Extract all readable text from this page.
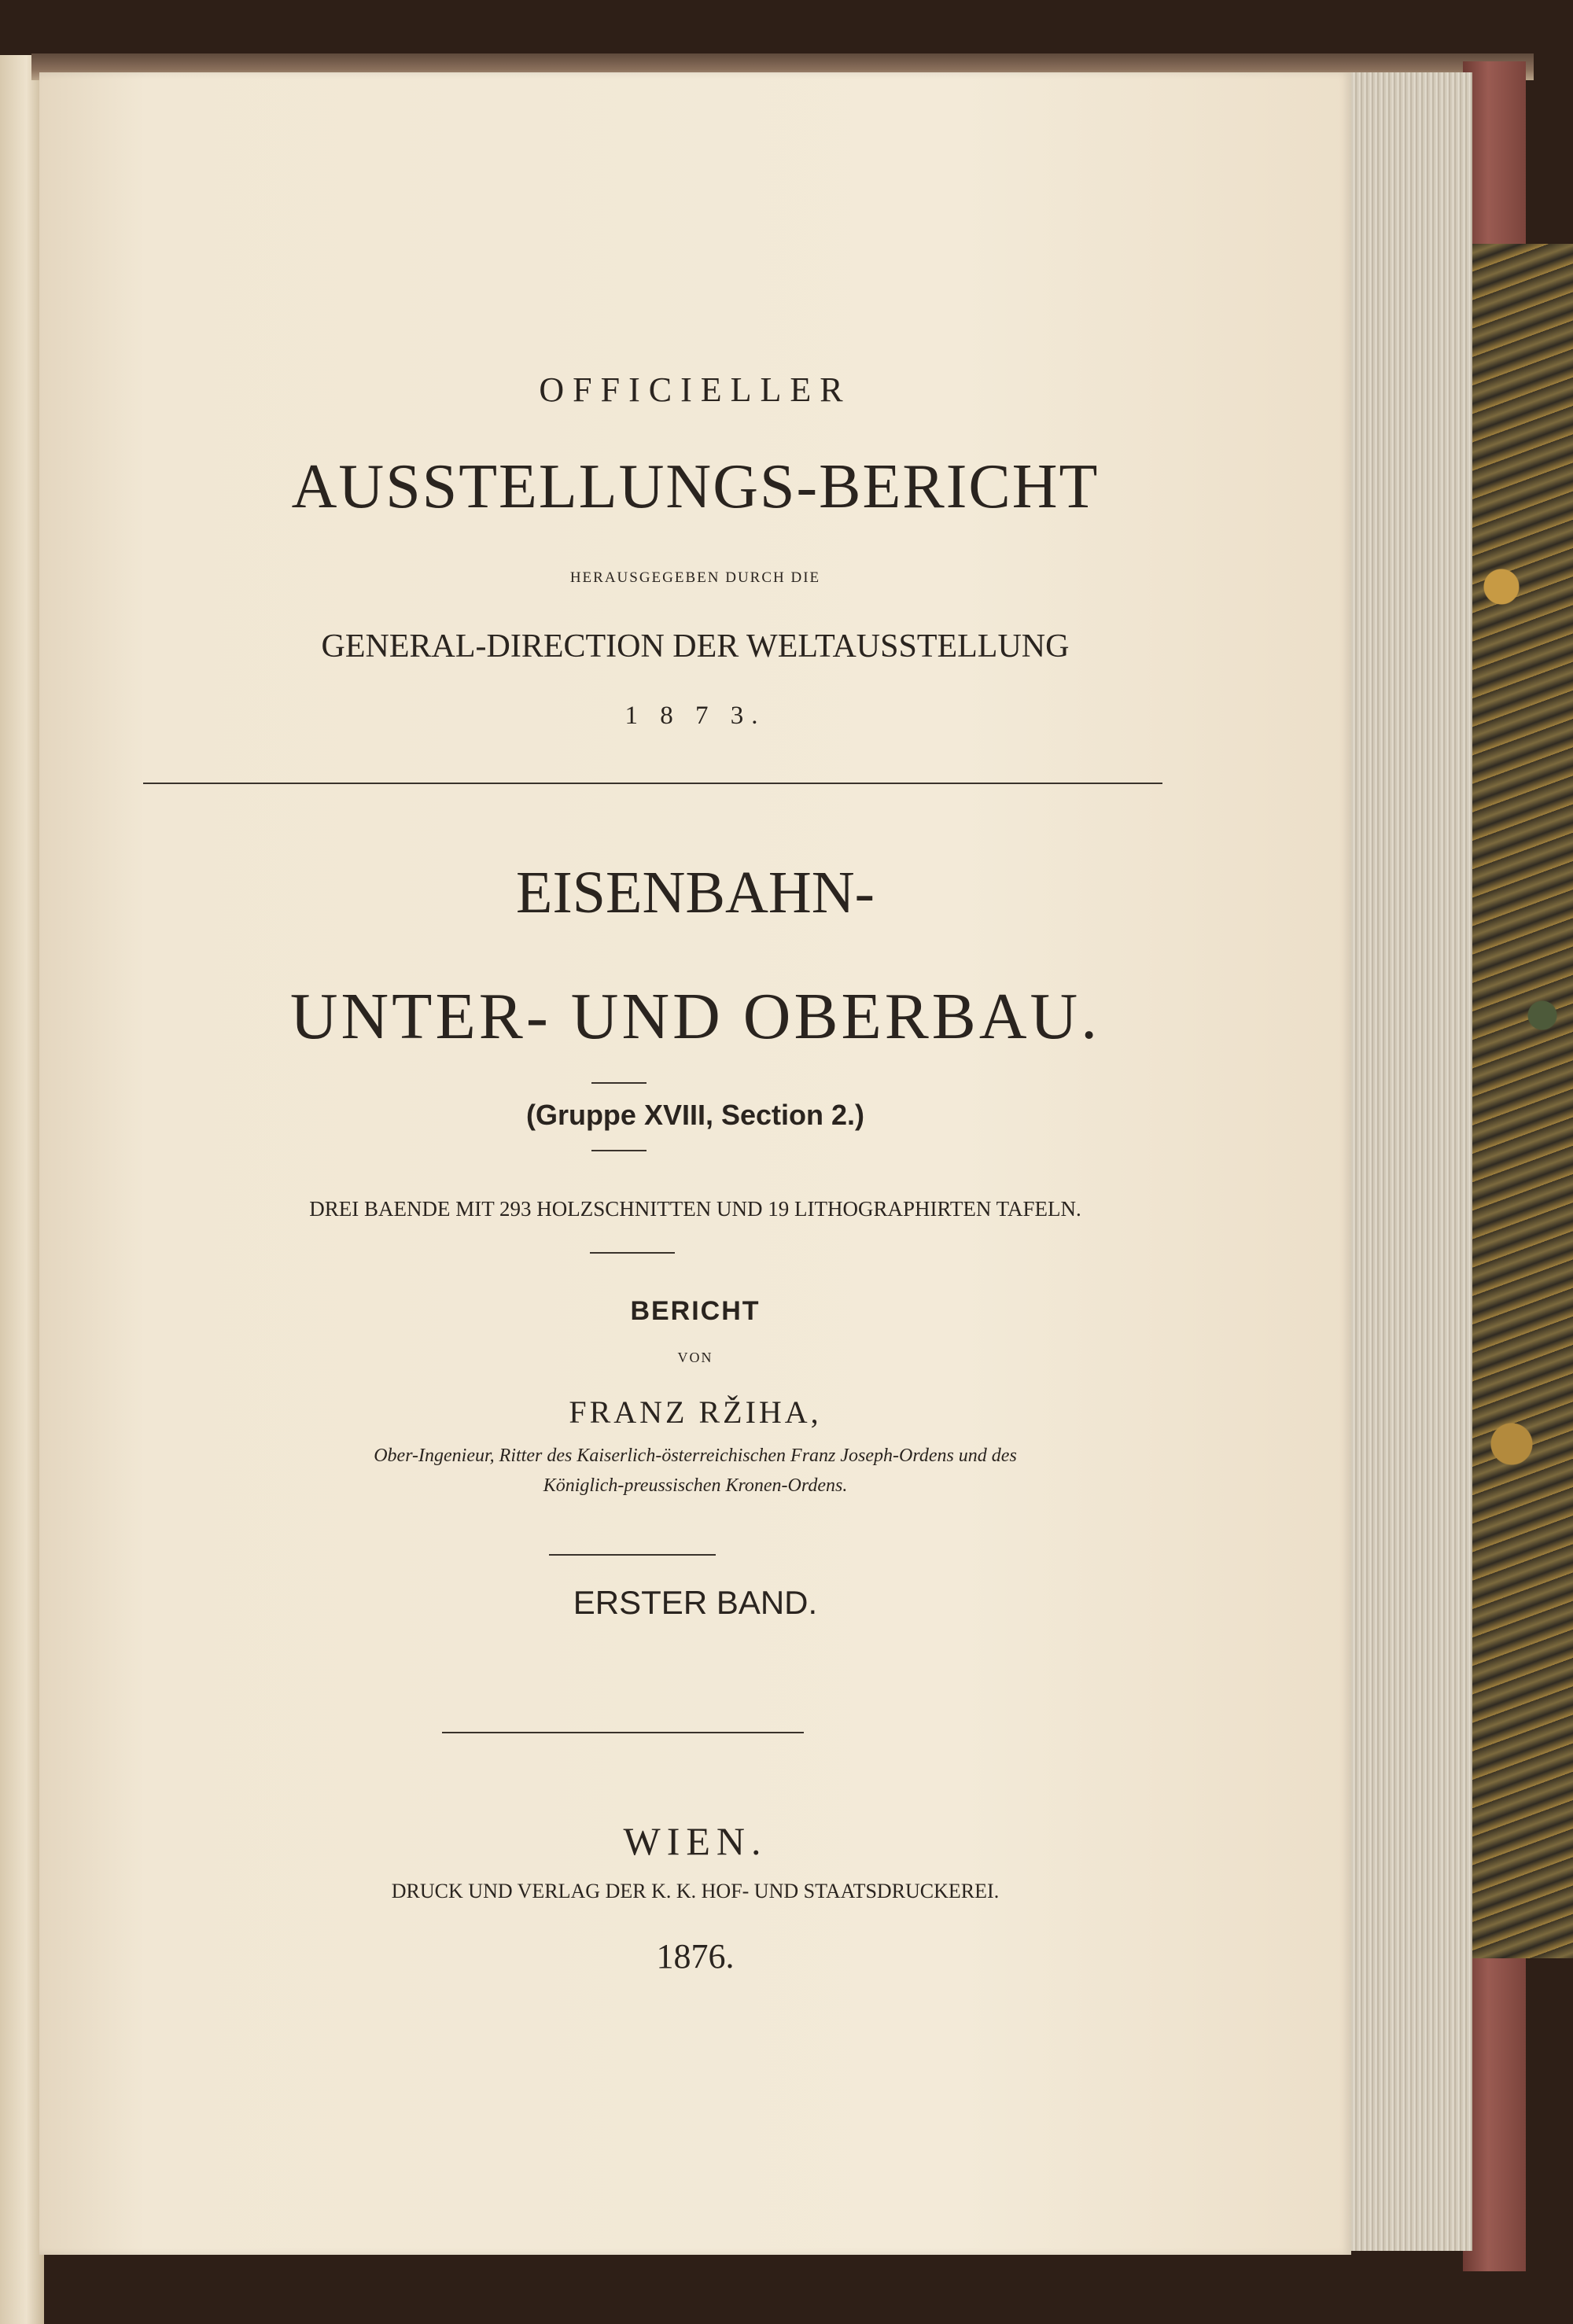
OFFICIELLER
AUSSTELLUNGS-BERICHT
HERAUSGEGEBEN DURCH DIE
GENERAL-DIRECTION DER WELTAUSSTELLUNG
1 8 7 3.
EISENBAHN-
UNTER- UND OBERBAU.
(Gruppe XVIII, Section 2.)
DREI BAENDE MIT 293 HOLZSCHNITTEN UND 19 LITHOGRAPHIRTEN TAFELN.
BERICHT
VON
FRANZ RŽIHA,
Ober-Ingenieur, Ritter des Kaiserlich-österreichischen Franz Joseph-Ordens und des
Königlich-preussischen Kronen-Ordens.
ERSTER BAND.
WIEN.
DRUCK UND VERLAG DER K. K. HOF- UND STAATSDRUCKEREI.
1876.
